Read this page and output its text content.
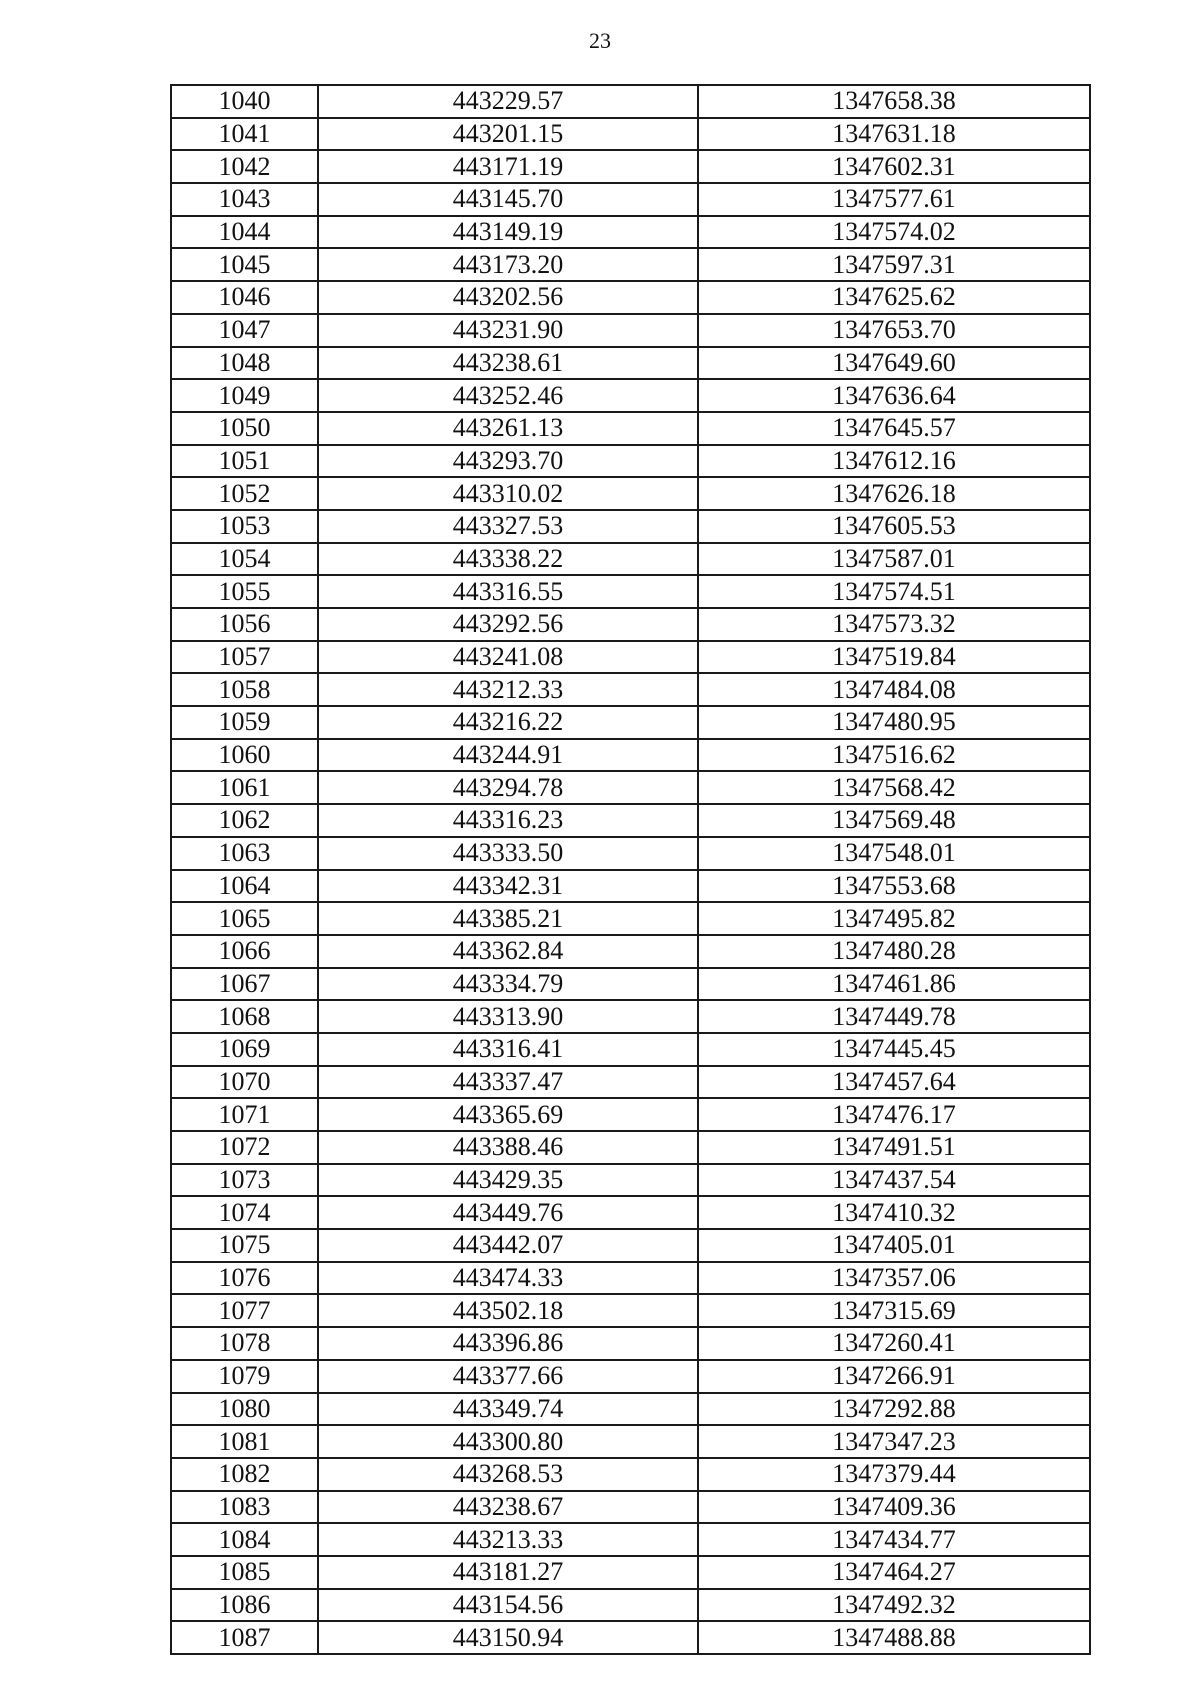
23
1040	443229.57	1347658.38
1041	443201.15	1347631.18
1042	443171.19	1347602.31
1043	443145.70	1347577.61
1044	443149.19	1347574.02
1045	443173.20	1347597.31
1046	443202.56	1347625.62
1047	443231.90	1347653.70
1048	443238.61	1347649.60
1049	443252.46	1347636.64
1050	443261.13	1347645.57
1051	443293.70	1347612.16
1052	443310.02	1347626.18
1053	443327.53	1347605.53
1054	443338.22	1347587.01
1055	443316.55	1347574.51
1056	443292.56	1347573.32
1057	443241.08	1347519.84
1058	443212.33	1347484.08
1059	443216.22	1347480.95
1060	443244.91	1347516.62
1061	443294.78	1347568.42
1062	443316.23	1347569.48
1063	443333.50	1347548.01
1064	443342.31	1347553.68
1065	443385.21	1347495.82
1066	443362.84	1347480.28
1067	443334.79	1347461.86
1068	443313.90	1347449.78
1069	443316.41	1347445.45
1070	443337.47	1347457.64
1071	443365.69	1347476.17
1072	443388.46	1347491.51
1073	443429.35	1347437.54
1074	443449.76	1347410.32
1075	443442.07	1347405.01
1076	443474.33	1347357.06
1077	443502.18	1347315.69
1078	443396.86	1347260.41
1079	443377.66	1347266.91
1080	443349.74	1347292.88
1081	443300.80	1347347.23
1082	443268.53	1347379.44
1083	443238.67	1347409.36
1084	443213.33	1347434.77
1085	443181.27	1347464.27
1086	443154.56	1347492.32
1087	443150.94	1347488.88
